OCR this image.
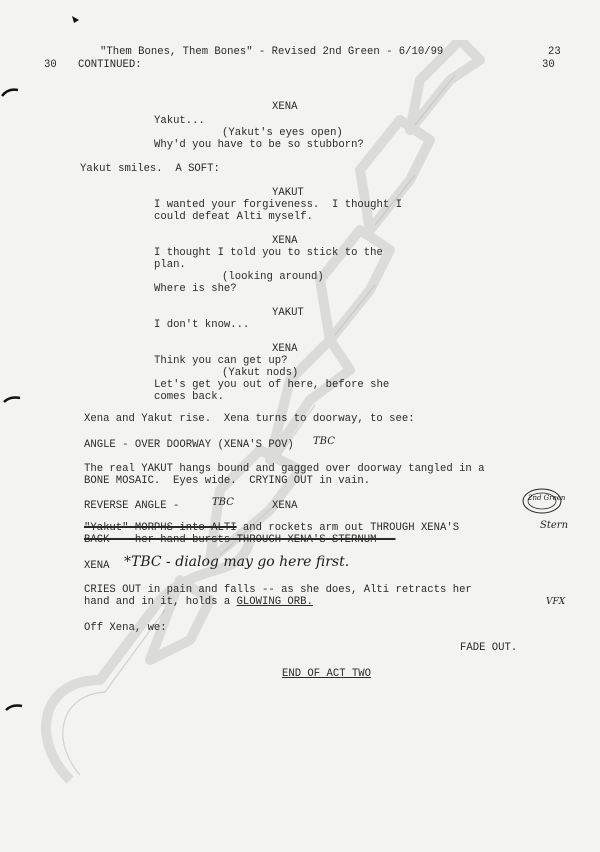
"Them Bones, Them Bones" - Revised 2nd Green - 6/10/99	23
30 CONTINUED:	30
XENA
Yakut...
(Yakut's eyes open)
Why'd you have to be so stubborn?
Yakut smiles.  A SOFT:
YAKUT
I wanted your forgiveness.  I thought I
could defeat Alti myself.
XENA
I thought I told you to stick to the
plan.
(looking around)
Where is she?
YAKUT
I don't know...
XENA
Think you can get up?
(Yakut nods)
Let's get you out of here, before she
comes back.
Xena and Yakut rise.  Xena turns to doorway, to see:
ANGLE - OVER DOORWAY (XENA'S POV) TBC
The real YAKUT hangs bound and gagged over doorway tangled in a
BONE MOSAIC.  Eyes wide.  CRYING OUT in vain.
REVERSE ANGLE -	TBC	XENA
2nd Green
"Yakut" MORPHS into ALTI and rockets arm out THROUGH XENA'S	Stern
BACK -- her hand bursts THROUGH XENA'S STERNUM --
XENA *TBC - dialog may go here first.
CRIES OUT in pain and falls -- as she does, Alti retracts her
hand and in it, holds a GLOWING ORB.	VFX
Off Xena, we:
FADE OUT.
END OF ACT TWO
